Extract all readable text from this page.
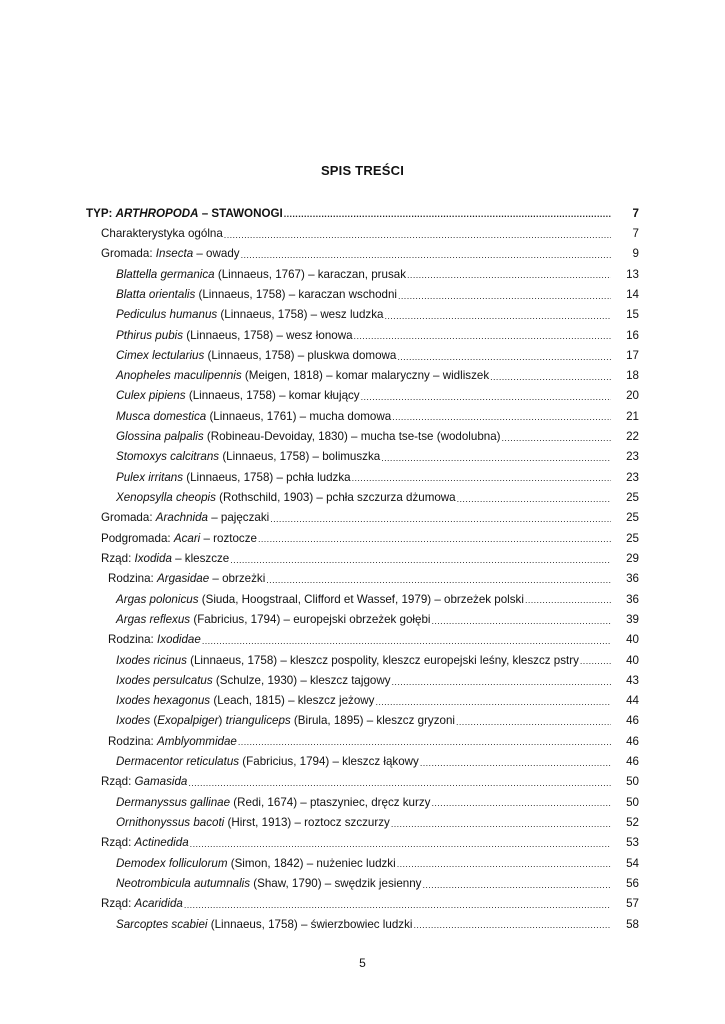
SPIS TREŚCI
TYP: ARTHROPODA – STAWONOGI .....	7
Charakterystyka ogólna .....	7
Gromada: Insecta – owady .....	9
Blattella germanica (Linnaeus, 1767) – karaczan, prusak .....	13
Blatta orientalis (Linnaeus, 1758) – karaczan wschodni .....	14
Pediculus humanus (Linnaeus, 1758) – wesz ludzka .....	15
Pthirus pubis (Linnaeus, 1758) – wesz łonowa .....	16
Cimex lectularius (Linnaeus, 1758) – pluskwa domowa .....	17
Anopheles maculipennis (Meigen, 1818) – komar malaryczny – widliszek .....	18
Culex pipiens (Linnaeus, 1758) – komar kłujący .....	20
Musca domestica (Linnaeus, 1761) – mucha domowa .....	21
Glossina palpalis (Robineau-Devoiday, 1830) – mucha tse-tse (wodolubna) .....	22
Stomoxys calcitrans (Linnaeus, 1758) – bolimuszka .....	23
Pulex irritans (Linnaeus, 1758) – pchła ludzka .....	23
Xenopsylla cheopis (Rothschild, 1903) – pchła szczurza dżumowa .....	25
Gromada: Arachnida – pajęczaki .....	25
Podgromada: Acari – roztocze .....	25
Rząd: Ixodida – kleszcze .....	29
Rodzina: Argasidae – obrzeżki .....	36
Argas polonicus (Siuda, Hoogstraal, Clifford et Wassef, 1979) – obrzeżek polski .....	36
Argas reflexus (Fabricius, 1794) – europejski obrzeżek gołębi .....	39
Rodzina: Ixodidae .....	40
Ixodes ricinus (Linnaeus, 1758) – kleszcz pospolity, kleszcz europejski leśny, kleszcz pstry .....	40
Ixodes persulcatus (Schulze, 1930) – kleszcz tajgowy .....	43
Ixodes hexagonus (Leach, 1815) – kleszcz jeżowy .....	44
Ixodes (Exopalpiger) trianguliceps (Birula, 1895) – kleszcz gryzoni .....	46
Rodzina: Amblyommidae .....	46
Dermacentor reticulatus (Fabricius, 1794) – kleszcz łąkowy .....	46
Rząd: Gamasida .....	50
Dermanyssus gallinae (Redi, 1674) – ptaszyniec, dręcz kurzy .....	50
Ornithonyssus bacoti (Hirst, 1913) – roztocz szczurzy .....	52
Rząd: Actinedida .....	53
Demodex folliculorum (Simon, 1842) – nużeniec ludzki .....	54
Neotrombicula autumnalis (Shaw, 1790) – swędzik jesienny .....	56
Rząd: Acaridida .....	57
Sarcoptes scabiei (Linnaeus, 1758) – świerzbowiec ludzki .....	58
5
